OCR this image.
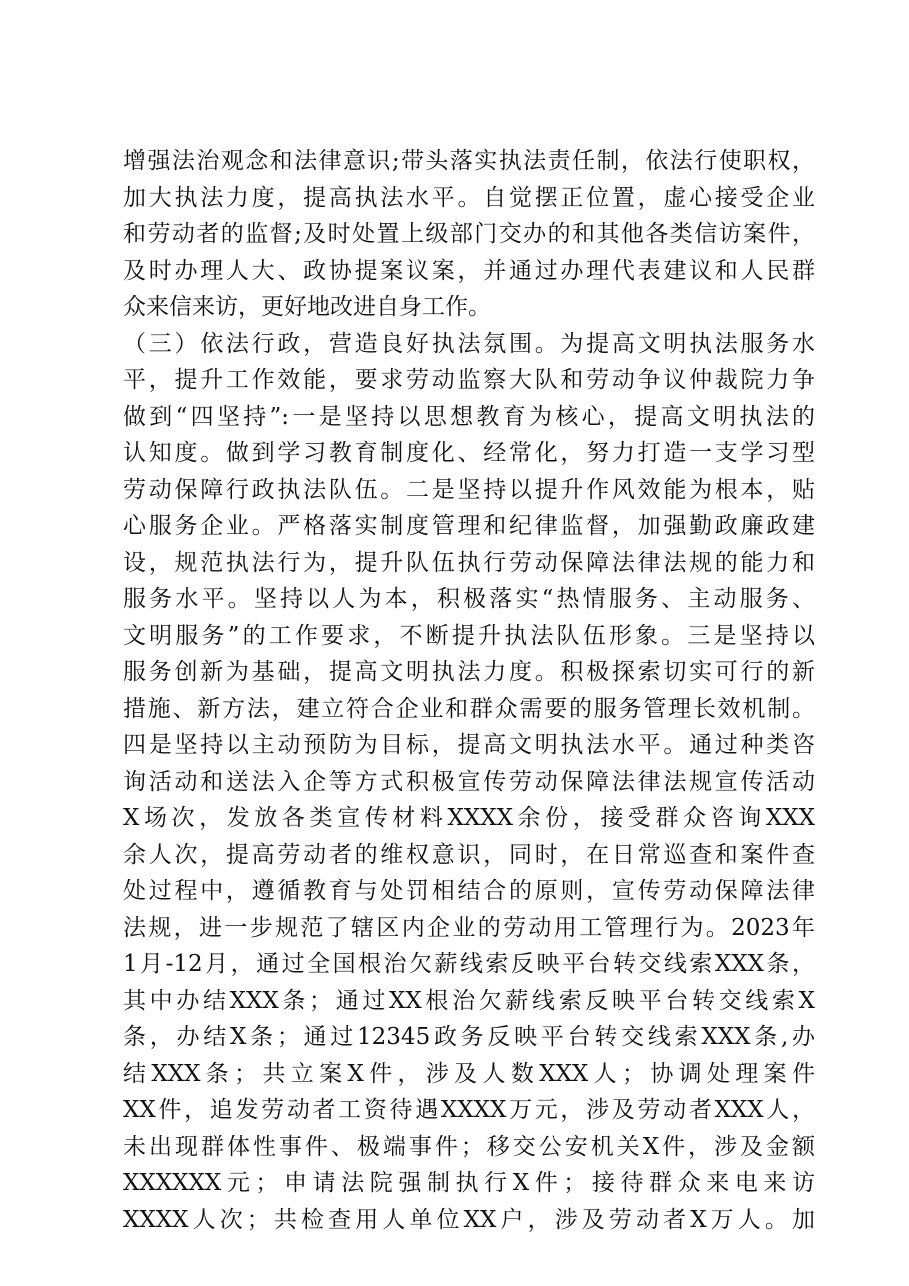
增强法治观念和法律意识;带头落实执法责任制，依法行使职权，
加大执法力度，提高执法水平。自觉摆正位置，虚心接受企业
和劳动者的监督;及时处置上级部门交办的和其他各类信访案件，
及时办理人大、政协提案议案，并通过办理代表建议和人民群
众来信来访，更好地改进自身工作。
（三）依法行政，营造良好执法氛围。为提高文明执法服务水
平，提升工作效能，要求劳动监察大队和劳动争议仲裁院力争
做到“四坚持”:一是坚持以思想教育为核心，提高文明执法的
认知度。做到学习教育制度化、经常化，努力打造一支学习型
劳动保障行政执法队伍。二是坚持以提升作风效能为根本，贴
心服务企业。严格落实制度管理和纪律监督，加强勤政廉政建
设，规范执法行为，提升队伍执行劳动保障法律法规的能力和
服务水平。坚持以人为本，积极落实“热情服务、主动服务、
文明服务”的工作要求，不断提升执法队伍形象。三是坚持以
服务创新为基础，提高文明执法力度。积极探索切实可行的新
措施、新方法，建立符合企业和群众需要的服务管理长效机制。
四是坚持以主动预防为目标，提高文明执法水平。通过种类咨
询活动和送法入企等方式积极宣传劳动保障法律法规宣传活动
X场次，发放各类宣传材料XXXX余份，接受群众咨询XXX
余人次，提高劳动者的维权意识，同时，在日常巡查和案件查
处过程中，遵循教育与处罚相结合的原则，宣传劳动保障法律
法规，进一步规范了辖区内企业的劳动用工管理行为。2023年
1月-12月，通过全国根治欠薪线索反映平台转交线索XXX条，
其中办结XXX条；通过XX根治欠薪线索反映平台转交线索X
条，办结X条；通过12345政务反映平台转交线索XXX条,办
结XXX条；共立案X件，涉及人数XXX人；协调处理案件
XX件，追发劳动者工资待遇XXXX万元，涉及劳动者XXX人，
未出现群体性事件、极端事件；移交公安机关X件，涉及金额
XXXXXX元；申请法院强制执行X件；接待群众来电来访
XXXX人次；共检查用人单位XX户，涉及劳动者X万人。加
